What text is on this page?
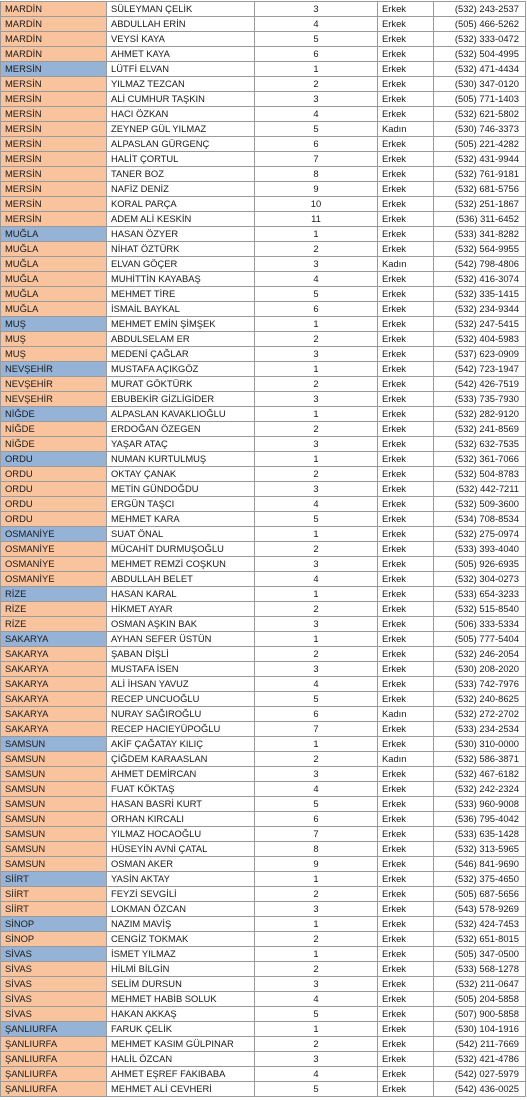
MARDİN	SÜLEYMAN ÇELİK	3	Erkek	(532) 243-2537
MARDİN	ABDULLAH ERİN	4	Erkek	(505) 466-5262
MARDİN	VEYSİ KAYA	5	Erkek	(532) 333-0472
MARDİN	AHMET KAYA	6	Erkek	(532) 504-4995
MERSİN	LÜTFİ ELVAN	1	Erkek	(532) 471-4434
MERSİN	YILMAZ TEZCAN	2	Erkek	(530) 347-0120
MERSİN	ALİ CUMHUR TAŞKIN	3	Erkek	(505) 771-1403
MERSİN	HACI ÖZKAN	4	Erkek	(532) 621-5802
MERSİN	ZEYNEP GÜL YILMAZ	5	Kadın	(530) 746-3373
MERSİN	ALPASLAN GÜRGENÇ	6	Erkek	(505) 221-4282
MERSİN	HALİT ÇORTUL	7	Erkek	(532) 431-9944
MERSİN	TANER BOZ	8	Erkek	(532) 761-9181
MERSİN	NAFİZ DENİZ	9	Erkek	(532) 681-5756
MERSİN	KORAL PARÇA	10	Erkek	(532) 251-1867
MERSİN	ADEM ALİ KESKİN	11	Erkek	(536) 311-6452
MUĞLA	HASAN ÖZYER	1	Erkek	(533) 341-8282
MUĞLA	NİHAT ÖZTÜRK	2	Erkek	(532) 564-9955
MUĞLA	ELVAN GÖÇER	3	Kadın	(542) 798-4806
MUĞLA	MUHİTTİN KAYABAŞ	4	Erkek	(532) 416-3074
MUĞLA	MEHMET TİRE	5	Erkek	(532) 335-1415
MUĞLA	İSMAİL BAYKAL	6	Erkek	(532) 234-9344
MUŞ	MEHMET EMİN ŞİMŞEK	1	Erkek	(532) 247-5415
MUŞ	ABDULSELAM ER	2	Erkek	(532) 404-5983
MUŞ	MEDENİ ÇAĞLAR	3	Erkek	(537) 623-0909
NEVŞEHİR	MUSTAFA AÇIKGÖZ	1	Erkek	(542) 723-1947
NEVŞEHİR	MURAT GÖKTÜRK	2	Erkek	(542) 426-7519
NEVŞEHİR	EBUBEKİR GİZLİGİDER	3	Erkek	(533) 735-7930
NİĞDE	ALPASLAN KAVAKLIOĞLU	1	Erkek	(532) 282-9120
NİĞDE	ERDOĞAN ÖZEGEN	2	Erkek	(532) 241-8569
NİĞDE	YAŞAR ATAÇ	3	Erkek	(532) 632-7535
ORDU	NUMAN KURTULMUŞ	1	Erkek	(532) 361-7066
ORDU	OKTAY ÇANAK	2	Erkek	(532) 504-8783
ORDU	METİN GÜNDOĞDU	3	Erkek	(532) 442-7211
ORDU	ERGÜN TAŞCI	4	Erkek	(532) 509-3600
ORDU	MEHMET KARA	5	Erkek	(534) 708-8534
OSMANİYE	SUAT ÖNAL	1	Erkek	(532) 275-0974
OSMANİYE	MÜCAHİT DURMUŞOĞLU	2	Erkek	(533) 393-4040
OSMANİYE	MEHMET REMZİ COŞKUN	3	Erkek	(505) 926-6935
OSMANİYE	ABDULLAH BELET	4	Erkek	(532) 304-0273
RİZE	HASAN KARAL	1	Erkek	(533) 654-3233
RİZE	HİKMET AYAR	2	Erkek	(532) 515-8540
RİZE	OSMAN AŞKIN BAK	3	Erkek	(506) 333-5334
SAKARYA	AYHAN SEFER ÜSTÜN	1	Erkek	(505) 777-5404
SAKARYA	ŞABAN DİŞLİ	2	Erkek	(532) 246-2054
SAKARYA	MUSTAFA İSEN	3	Erkek	(530) 208-2020
SAKARYA	ALİ İHSAN YAVUZ	4	Erkek	(533) 742-7976
SAKARYA	RECEP UNCUOĞLU	5	Erkek	(532) 240-8625
SAKARYA	NURAY SAĞIROĞLU	6	Kadın	(532) 272-2702
SAKARYA	RECEP HACIEYÜPOĞLU	7	Erkek	(533) 234-2534
SAMSUN	AKİF ÇAĞATAY KILIÇ	1	Erkek	(530) 310-0000
SAMSUN	ÇİĞDEM KARAASLAN	2	Kadın	(532) 586-3871
SAMSUN	AHMET DEMİRCAN	3	Erkek	(532) 467-6182
SAMSUN	FUAT KÖKTAŞ	4	Erkek	(532) 242-2324
SAMSUN	HASAN BASRİ KURT	5	Erkek	(533) 960-9008
SAMSUN	ORHAN KIRCALI	6	Erkek	(536) 795-4042
SAMSUN	YILMAZ HOCAOĞLU	7	Erkek	(533) 635-1428
SAMSUN	HÜSEYİN AVNİ ÇATAL	8	Erkek	(532) 313-5965
SAMSUN	OSMAN AKER	9	Erkek	(546) 841-9690
SİİRT	YASİN AKTAY	1	Erkek	(532) 375-4650
SİİRT	FEYZİ SEVGİLİ	2	Erkek	(505) 687-5656
SİİRT	LOKMAN ÖZCAN	3	Erkek	(543) 578-9269
SİNOP	NAZIM MAVİŞ	1	Erkek	(532) 424-7453
SİNOP	CENGİZ TOKMAK	2	Erkek	(532) 651-8015
SİVAS	İSMET YILMAZ	1	Erkek	(505) 347-0500
SİVAS	HİLMİ BİLGİN	2	Erkek	(533) 568-1278
SİVAS	SELİM DURSUN	3	Erkek	(532) 211-0647
SİVAS	MEHMET HABİB SOLUK	4	Erkek	(505) 204-5858
SİVAS	HAKAN AKKAŞ	5	Erkek	(507) 900-5858
ŞANLIURFA	FARUK ÇELİK	1	Erkek	(530) 104-1916
ŞANLIURFA	MEHMET KASIM GÜLPINAR	2	Erkek	(542) 211-7669
ŞANLIURFA	HALİL ÖZCAN	3	Erkek	(532) 421-4786
ŞANLIURFA	AHMET EŞREF FAKIBABA	4	Erkek	(542) 027-5979
ŞANLIURFA	MEHMET ALİ CEVHERİ	5	Erkek	(542) 436-0025
